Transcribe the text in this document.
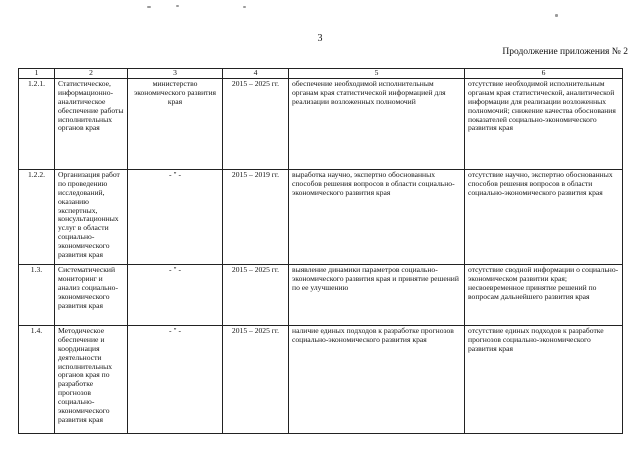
3
Продолжение приложения № 2
1	2	3	4	5	6
1.2.1.	Статистическое, информационно-аналитическое обеспечение работы исполнительных органов края	министерство экономического развития края	2015 – 2025 гг.	обеспечение необходимой исполнительным органам края статистической информацией для реализации возложенных полномочий	отсутствие необходимой исполнительным органам края статистической, аналитической информации для реализации возложенных полномочий; снижение качества обоснования показателей социально-экономического развития края
1.2.2.	Организация работ по проведению исследований, оказанию экспертных, консультационных услуг в области социально-экономического развития края	- " -	2015 – 2019 гг.	выработка научно, экспертно обоснованных способов решения вопросов в области социально-экономического развития края	отсутствие научно, экспертно обоснованных способов решения вопросов в области социально-экономического развития края
1.3.	Систематический мониторинг и анализ социально-экономического развития края	- " -	2015 – 2025 гг.	выявление динамики параметров социально-экономического развития края и принятие решений по ее улучшению	отсутствие сводной информации о социально-экономическом развитии края; несвоевременное принятие решений по вопросам дальнейшего развития края
1.4.	Методическое обеспечение и координация деятельности исполнительных органов края по разработке прогнозов социально-экономического развития края	- " -	2015 – 2025 гг.	наличие единых подходов к разработке прогнозов социально-экономического развития края	отсутствие единых подходов к разработке прогнозов социально-экономического развития края
